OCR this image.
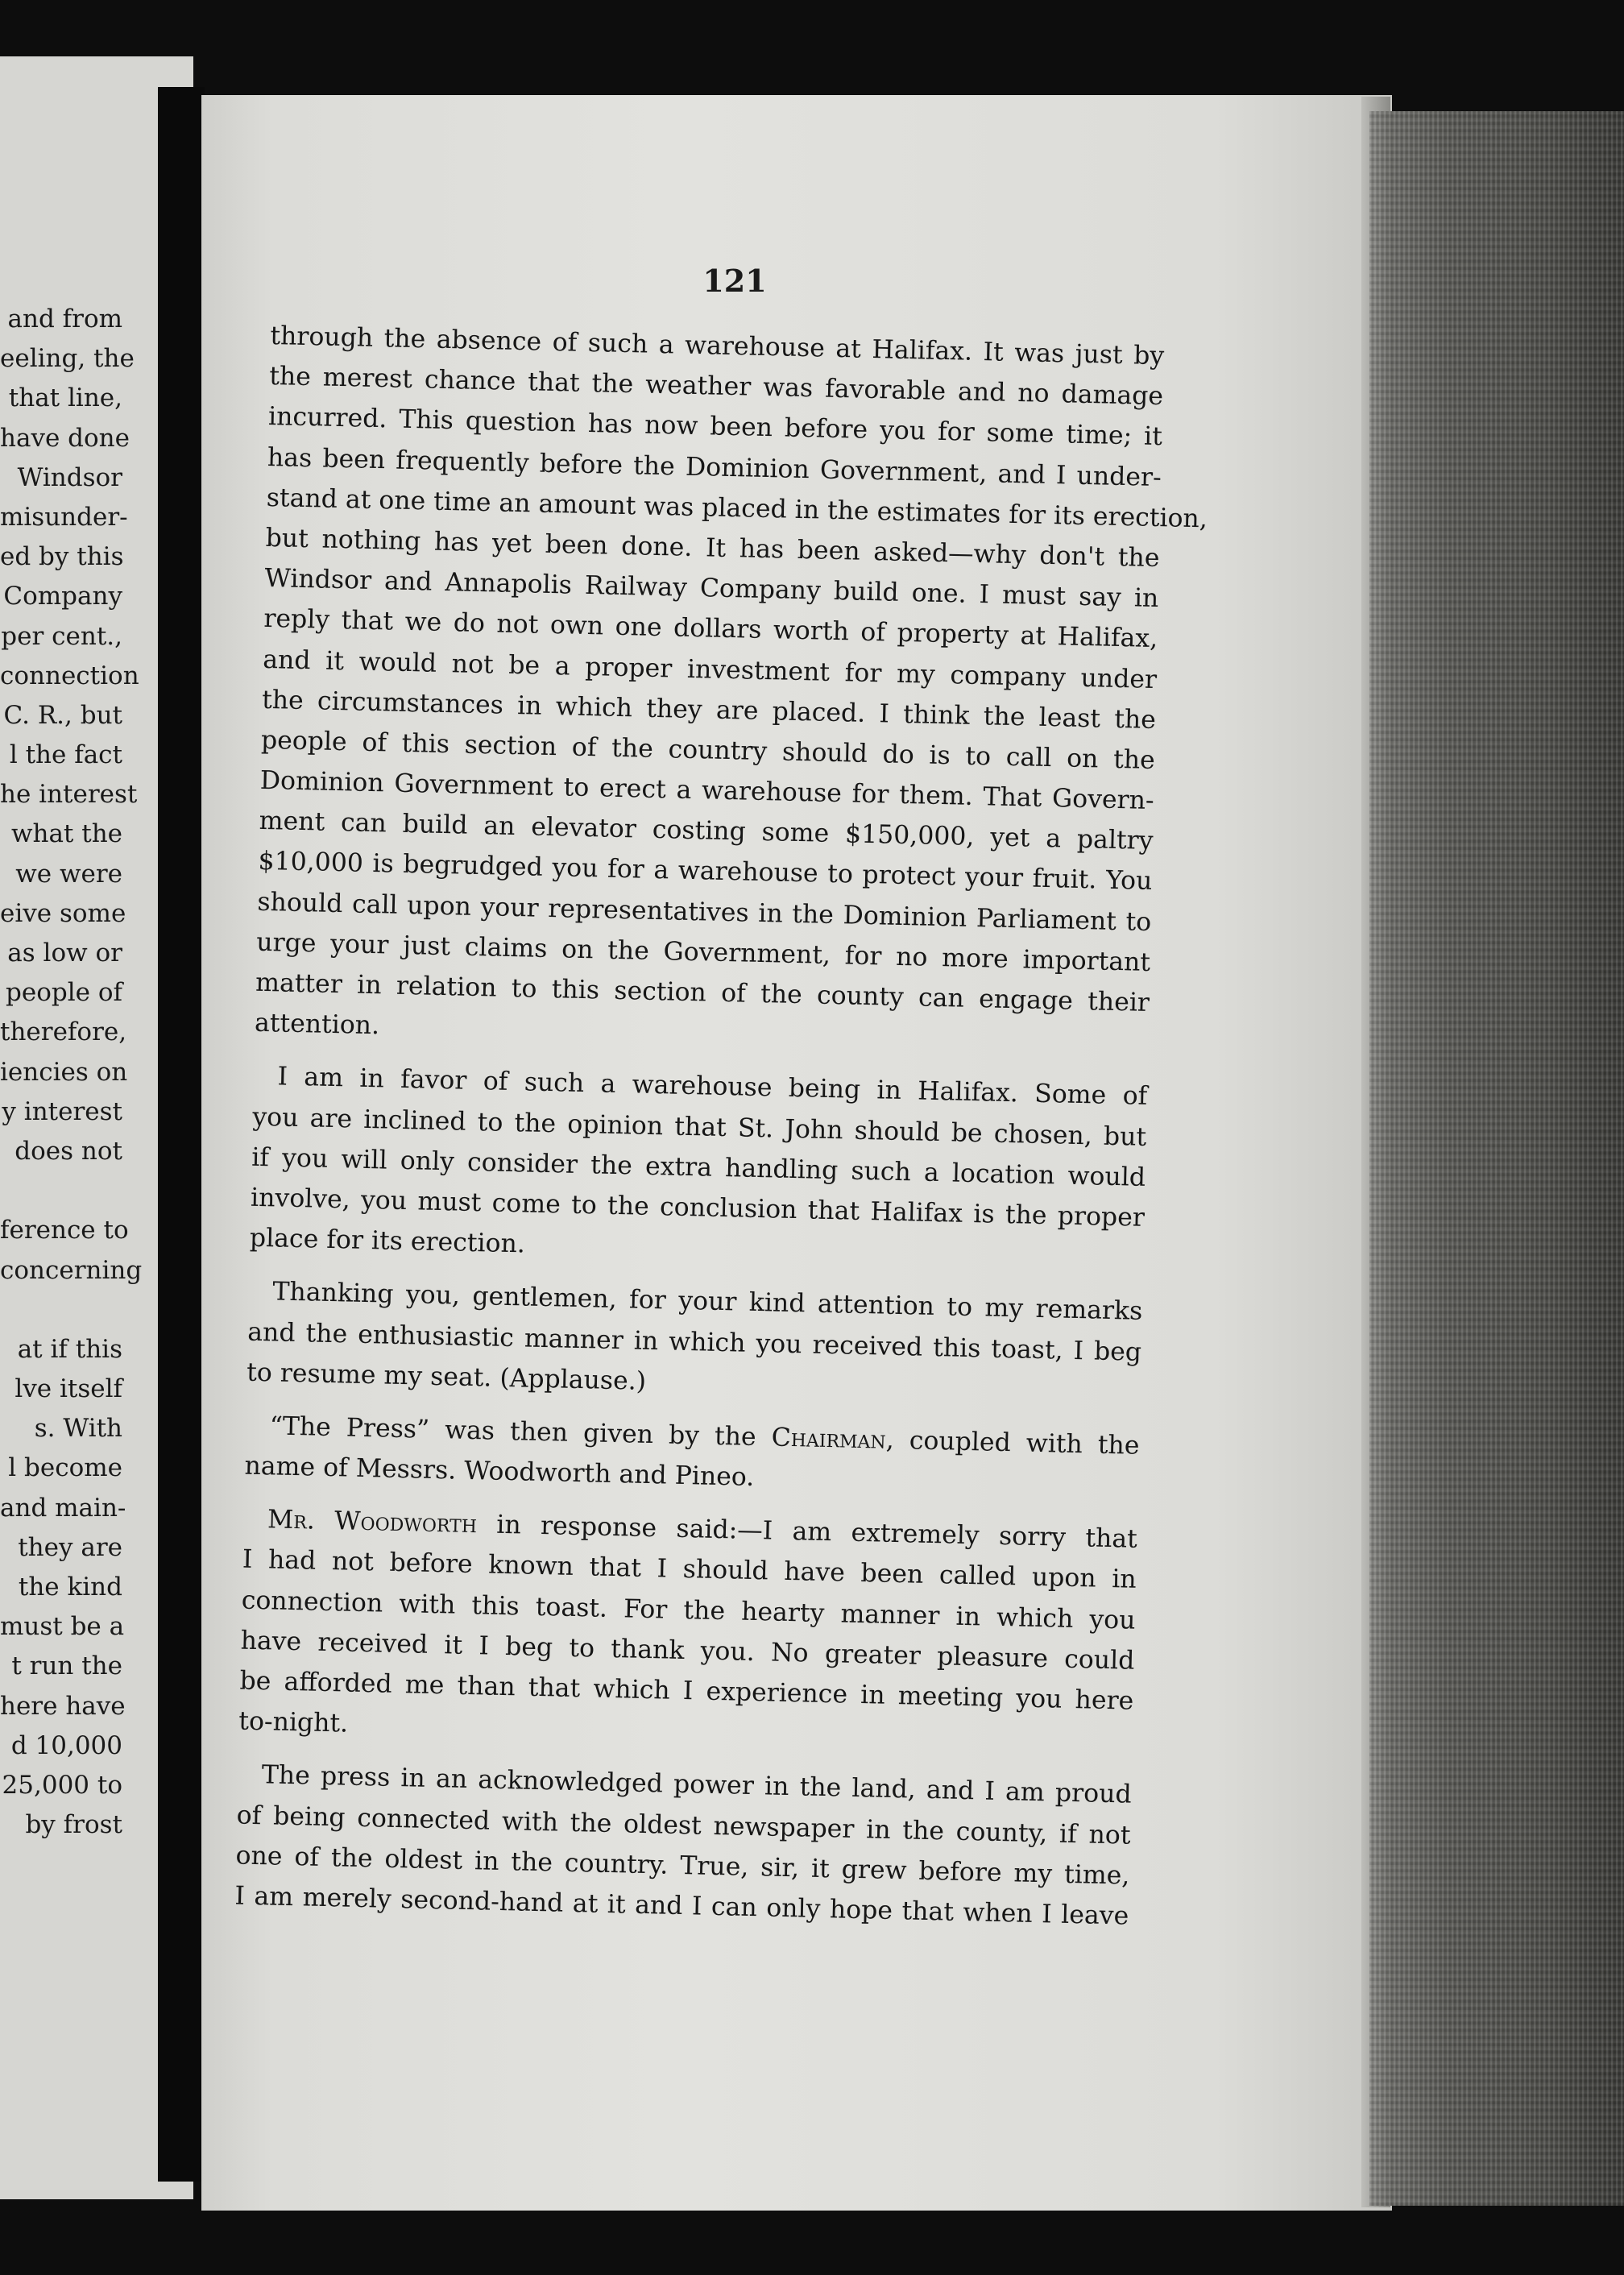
and from
eeling, the
that line,
have done
Windsor
misunder-
ed by this
Company
per cent.,
connection
C. R., but
l the fact
he interest
what the
we were
eive some
as low or
people of
therefore,
iencies on
y interest
does not
ference to
concerning
at if this
lve itself
s. With
l become
and main-
they are
the kind
must be a
t run the
here have
d 10,000
25,000 to
by frost
121
through the absence of such a warehouse at Halifax. It was just by
the merest chance that the weather was favorable and no damage
incurred. This question has now been before you for some time; it
has been frequently before the Dominion Government, and I under-
stand at one time an amount was placed in the estimates for its erection,
but nothing has yet been done. It has been asked—why don't the
Windsor and Annapolis Railway Company build one. I must say in
reply that we do not own one dollars worth of property at Halifax,
and it would not be a proper investment for my company under
the circumstances in which they are placed. I think the least the
people of this section of the country should do is to call on the
Dominion Government to erect a warehouse for them. That Govern-
ment can build an elevator costing some $150,000, yet a paltry
$10,000 is begrudged you for a warehouse to protect your fruit. You
should call upon your representatives in the Dominion Parliament to
urge your just claims on the Government, for no more important
matter in relation to this section of the county can engage their
attention.
I am in favor of such a warehouse being in Halifax. Some of
you are inclined to the opinion that St. John should be chosen, but
if you will only consider the extra handling such a location would
involve, you must come to the conclusion that Halifax is the proper
place for its erection.
Thanking you, gentlemen, for your kind attention to my remarks
and the enthusiastic manner in which you received this toast, I beg
to resume my seat. (Applause.)
“The Press” was then given by the Chairman, coupled with the
name of Messrs. Woodworth and Pineo.
Mr. Woodworth in response said:—I am extremely sorry that
I had not before known that I should have been called upon in
connection with this toast. For the hearty manner in which you
have received it I beg to thank you. No greater pleasure could
be afforded me than that which I experience in meeting you here
to-night.
The press in an acknowledged power in the land, and I am proud
of being connected with the oldest newspaper in the county, if not
one of the oldest in the country. True, sir, it grew before my time,
I am merely second-hand at it and I can only hope that when I leave
